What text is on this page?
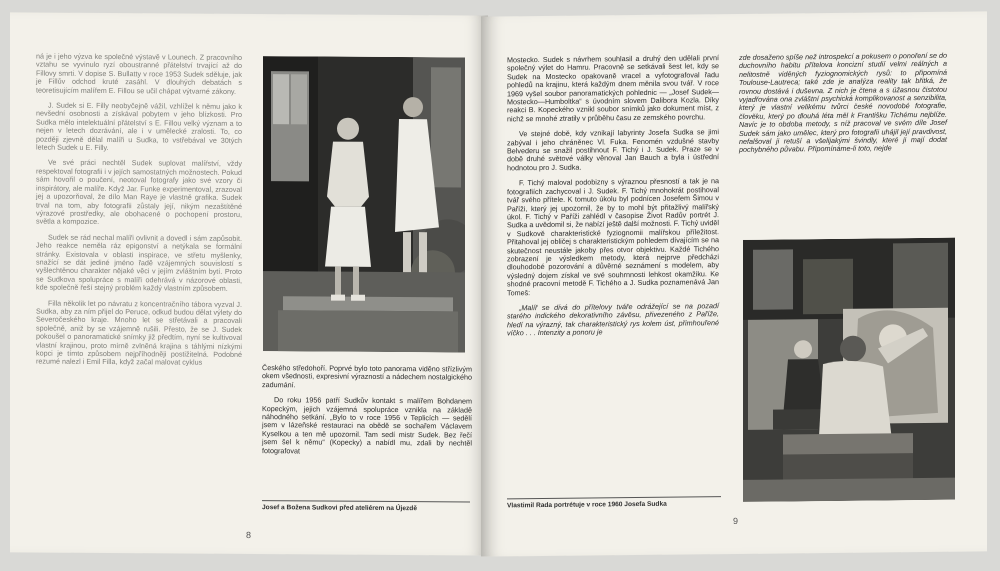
ná je i jeho výzva ke společné výstavě v Lounech. Z pracovního vztahu se vyvinulo ryzí oboustranné přátelství trvající až do Fillovy smrti. V dopise S. Bullatty v roce 1953 Sudek sděluje, jak je Fillův odchod kruté zasáhl. V dlouhých debatách s teoretisujícím malířem E. Fillou se učil chápat výtvarné zákony.

J. Sudek si E. Filly neobyčejně vážil, vzhlížel k němu jako k nevšední osobnosti a získával pobytem v jeho blízkosti. Pro Sudka mělo intelektuální přátelství s E. Fillou velký význam a to nejen v letech dozrávání, ale i v umělecké zralosti. To, co později zjevně dělal malíři u Sudka, to vstřebával ve 30tých letech Sudek u E. Filly.

Ve své práci nechtěl Sudek suplovat malířství, vždy respektoval fotografii i v jejích samostatných možnostech. Pokud sám hovořil o poučení, neotoval fotografy jako své vzory či inspirátory, ale malíře. Když Jar. Funke experimentoval, zrazoval jej a upozorňoval, že dílo Man Raye je vlastně grafika. Sudek trval na tom, aby fotografii zůstaly její, nikým nezaštítěné výrazové prostředky, ale obohacené o pochopení prostoru, světla a kompozice.

Sudek se rád nechal malíři ovlivnit a dovedl i sám zapůsobit. Jeho reakce neměla ráz epigonství a netýkala se formální stránky. Existovala v oblasti inspirace, ve střetu myšlenky, snažící se dát jediné jméno řadě vzájemných souvislostí s vyšlechtěnou charakter nějaké věci v jejím zvláštním bytí. Proto se Sudkova spolupráce s malíři odehrává v názorové oblasti, kde společně řeší stejný problém každý vlastním způsobem.

Filla několik let po návratu z koncentračního tábora vyzval J. Sudka, aby za ním přijel do Peruce, odkud budou dělat výlety do Severočeského kraje. Mnoho let se střetávali a pracovali společně, aniž by se vzájemně rušili. Přesto, že se J. Sudek pokoušel o panoramatické snímky již předtím, nyní se kultivoval vlastní krajinou, proto mírně zvlněná krajina s táhlými nízkými kopci je tímto způsobem nejpříhodněji postižitelná. Podobné rezumé nalezl i Emil Filla, když začal malovat cyklus

Českého středohoří. Poprvé bylo toto panorama viděno střízlivým okem všednosti, expresivní výrazností a nádechem nostalgického zadumání.

Do roku 1956 patří Sudkův kontakt s malířem Bohdanem Kopeckým, jejich vzájemná spolupráce vznikla na základě náhodného setkání. „Bylo to v roce 1956 v Teplicích — sedělí jsem v lázeňské restauraci na obědě se sochařem Václavem Kyselkou a ten mě upozornil. Tam sedí mistr Sudek. Bez řečí jsem šel k němu“ (Kopecky) a nabídl mu, zdali by nechtěl fotografovat

Josef a Božena Sudkovi před ateliérem na Újezdě

8

Mostecko. Sudek s návrhem souhlasil a druhý den udělali první společný výlet do Hamru. Pracovně se setkávali šest let, kdy se Sudek na Mostecko opakovaně vracel a vyfotografoval řadu pohledů na krajinu, která každým dnem měnila svou tvář. V roce 1969 vyšel soubor panoramatických pohlednic — „Josef Sudek—Mostecko—Humboltka“ s úvodním slovem Dalibora Kozla. Díky reakci B. Kopeckého vznikl soubor snímků jako dokument míst, z nichž se mnohé ztratily v průběhu času ze zemského povrchu.

Ve stejné době, kdy vznikají labyrinty Josefa Sudka se jimi zabýval i jeho chráněnec Vl. Fuka. Fenomén vzdušné stavby Belvederu se snažil postihnout F. Tichý i J. Sudek. Praze se v době druhé světové války věnoval Jan Bauch a byla i ústřední hodnotou pro J. Sudka.

F. Tichý maloval podobizny s výraznou přesností a tak je na fotografiích zachycoval i J. Sudek. F. Tichý mnohokrát postihoval tvář svého přítele. K tomuto úkolu byl podnícen Josefem Šimou v Paříži, který jej upozornil, že by to mohl být přitažlivý malířský úkol. F. Tichý v Paříži zahlédl v časopise Život Radův portrét J. Sudka a uvědomil si, že nabízí ještě další možnosti. F. Tichý uviděl v Sudkově charakteristické fyziognomii malířskou příležitost. Přitahoval jej obličej s charakteristickým pohledem dívajícím se na skutečnost neustále jakoby přes otvor objektivu. Každé Tichého zobrazení je výsledkem metody, která nejprve předcházi dlouhodobé pozorování a důvěrné seznámení s modelem, aby výsledný dojem získal ve své souhrnnosti lehkost okamžiku. Ke shodné pracovní metodě F. Tichého a J. Sudka poznamenává Jan Tomeš:

„Malíř se dívá do přítelovy tváře odrážející se na pozadí starého indického dekorativního závěsu, přivezeného z Paříže, hledí na výrazný, tak charakteristický rys kolem úst, přimhouřené víčko . . . Intenzity a ponoru je

Vlastimil Rada portrétuje v roce 1960 Josefa Sudka

zde dosaženo spíše než introspekcí a pokusem o ponoření se do duchovního habitu přítelova koncizní studií velmi reálných a nelitostně viděných fyziognomických rysů: to připomíná Toulouse-Lautreca; také zde je analýza reality tak břitká, že rovnou dostává i duševna. Z nich je čtena a s úžasnou čistotou vyjadřována ona zvláštní psychická komplikovanost a senzibilita, který je vlastní velikému tvůrci české novodobé fotografie, člověku, který po dlouhá léta měl k Františku Tichému nejblíže. Navíc je to obdoba metody, s níž pracoval ve svém díle Josef Sudek sám jako umělec, který pro fotografii uhájil její pravdivost, nefalšoval ji retuší a všelijakými švindly, které ji mají dodat pochybného půvabu. Připomínáme-li toto, nejde

9
